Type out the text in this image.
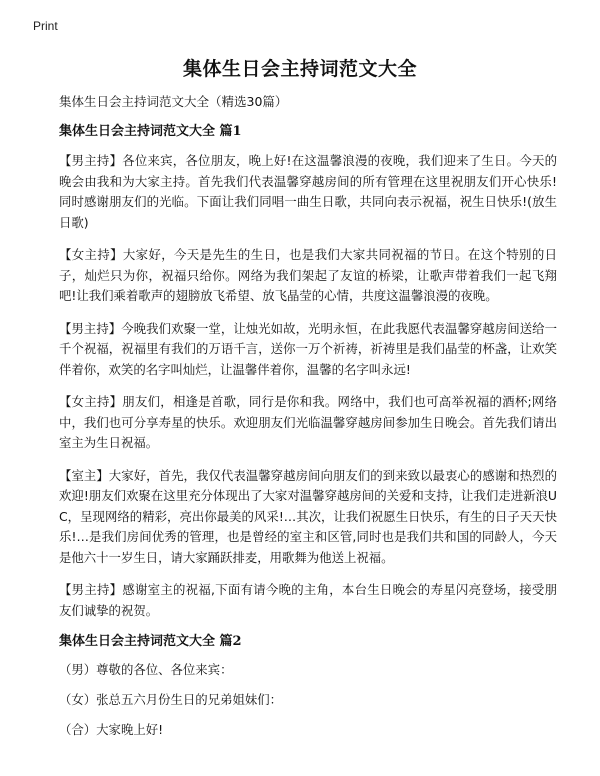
Print
集体生日会主持词范文大全

集体生日会主持词范文大全（精选30篇）

集体生日会主持词范文大全 篇1

【男主持】各位来宾，各位朋友，晚上好!在这温馨浪漫的夜晚，我们迎来了生日。今天的晚会由我和为大家主持。首先我们代表温馨穿越房间的所有管理在这里祝朋友们开心快乐!同时感谢朋友们的光临。下面让我们同唱一曲生日歌，共同向表示祝福，祝生日快乐!(放生日歌)

【女主持】大家好，今天是先生的生日，也是我们大家共同祝福的节日。在这个特别的日子，灿烂只为你，祝福只给你。网络为我们架起了友谊的桥梁，让歌声带着我们一起飞翔吧!让我们乘着歌声的翅膀放飞希望、放飞晶莹的心情，共度这温馨浪漫的夜晚。

【男主持】今晚我们欢聚一堂，让烛光如故，光明永恒，在此我愿代表温馨穿越房间送给一千个祝福，祝福里有我们的万语千言，送你一万个祈祷，祈祷里是我们晶莹的杯盏，让欢笑伴着你，欢笑的名字叫灿烂，让温馨伴着你，温馨的名字叫永远!

【女主持】朋友们，相逢是首歌，同行是你和我。网络中，我们也可高举祝福的酒杯;网络中，我们也可分享寿星的快乐。欢迎朋友们光临温馨穿越房间参加生日晚会。首先我们请出室主为生日祝福。

【室主】大家好，首先，我仅代表温馨穿越房间向朋友们的到来致以最衷心的感谢和热烈的欢迎!朋友们欢聚在这里充分体现出了大家对温馨穿越房间的关爱和支持，让我们走进新浪UC，呈现网络的精彩，亮出你最美的风采!…其次，让我们祝愿生日快乐，有生的日子天天快乐!…是我们房间优秀的管理，也是曾经的室主和区管,同时也是我们共和国的同龄人，今天是他六十一岁生日，请大家踊跃排麦，用歌舞为他送上祝福。

【男主持】感谢室主的祝福,下面有请今晚的主角，本台生日晚会的寿星闪亮登场，接受朋友们诚挚的祝贺。

集体生日会主持词范文大全 篇2

（男）尊敬的各位、各位来宾：

（女）张总五六月份生日的兄弟姐妹们：

（合）大家晚上好!
